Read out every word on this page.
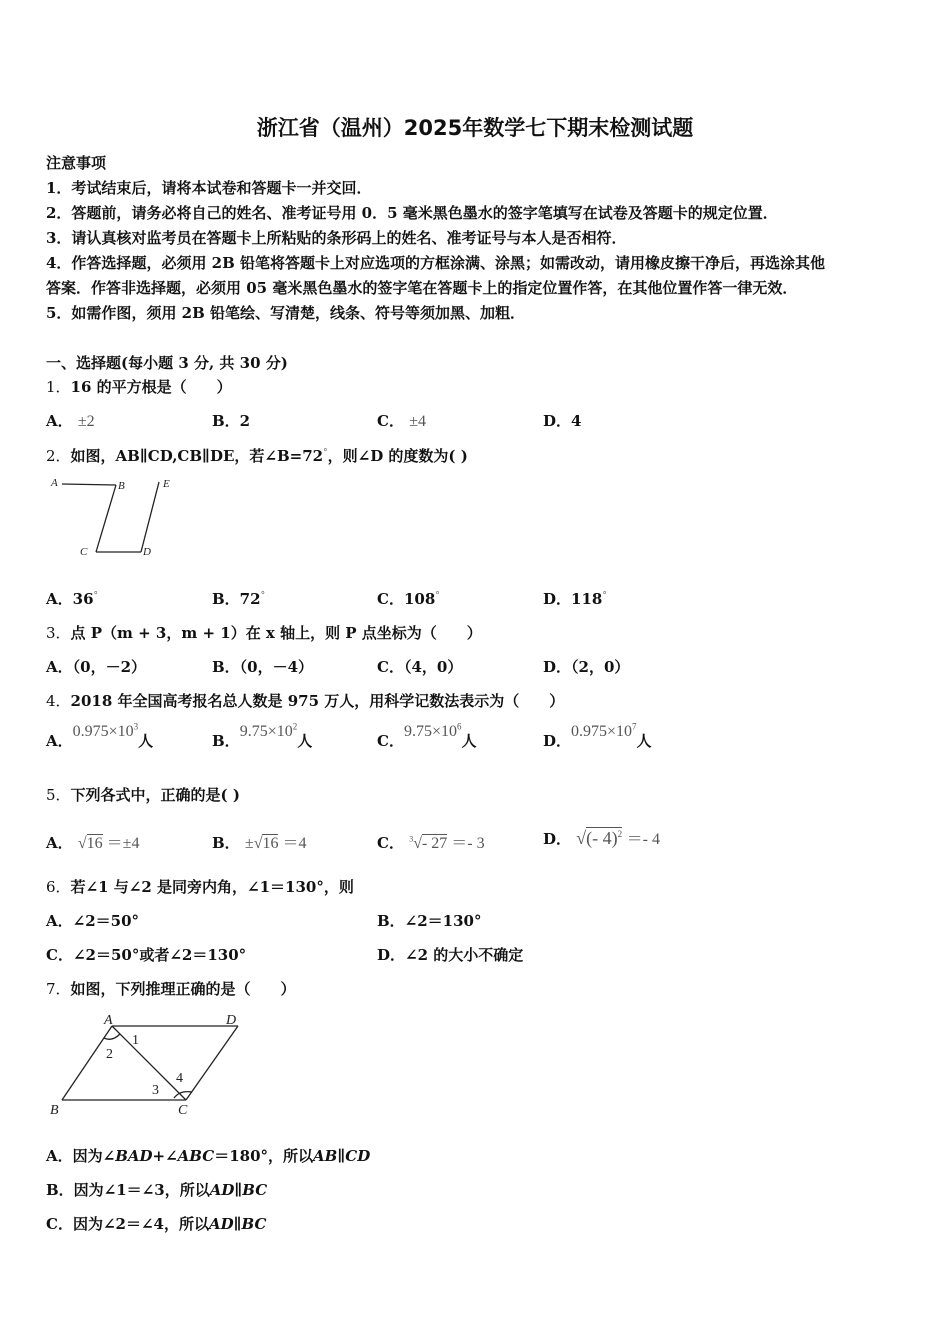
浙江省（温州）2025年数学七下期末检测试题
注意事项
1．考试结束后，请将本试卷和答题卡一并交回．
2．答题前，请务必将自己的姓名、准考证号用 0．5 毫米黑色墨水的签字笔填写在试卷及答题卡的规定位置．
3．请认真核对监考员在答题卡上所粘贴的条形码上的姓名、准考证号与本人是否相符．
4．作答选择题，必须用 2B 铅笔将答题卡上对应选项的方框涂满、涂黑；如需改动，请用橡皮擦干净后，再选涂其他
答案．作答非选择题，必须用 05 毫米黑色墨水的签字笔在答题卡上的指定位置作答，在其他位置作答一律无效．
5．如需作图，须用 2B 铅笔绘、写清楚，线条、符号等须加黑、加粗．
一、选择题(每小题 3 分, 共 30 分)
1．16 的平方根是（　　）
A． ±2	B．2	C． ±4	D．4
2．如图，AB∥CD,CB∥DE，若∠B=72°，则∠D 的度数为( )
A	B
C	D
E
A．36°	B．72°	C．108°	D．118°
3．点 P（m + 3，m + 1）在 x 轴上，则 P 点坐标为（　　）
A．（0，－2）	B．（0，－4）	C．（4，0）	D．（2，0）
4．2018 年全国高考报名总人数是 975 万人，用科学记数法表示为（　　）
A．$0.975\times 10^3$人	B．$9.75\times 10^2$人	C．$9.75\times 10^6$人	D．$0.975\times 10^7$人
5．下列各式中，正确的是( )
A． √16 ＝±4	B． ±√16 ＝4	C． $^3$√- 27 ＝- 3	D． √(- 4)$^2$ ＝- 4
6．若∠1 与∠2 是同旁内角，∠1＝130°，则
A．∠2＝50°	B．∠2＝130°
C．∠2＝50°或者∠2＝130°	D．∠2 的大小不确定
7．如图，下列推理正确的是（　　）
A	D
B	C
1
2
3
4
A．因为∠BAD+∠ABC＝180°，所以AB∥CD
B．因为∠1＝∠3，所以AD∥BC
C．因为∠2＝∠4，所以AD∥BC
